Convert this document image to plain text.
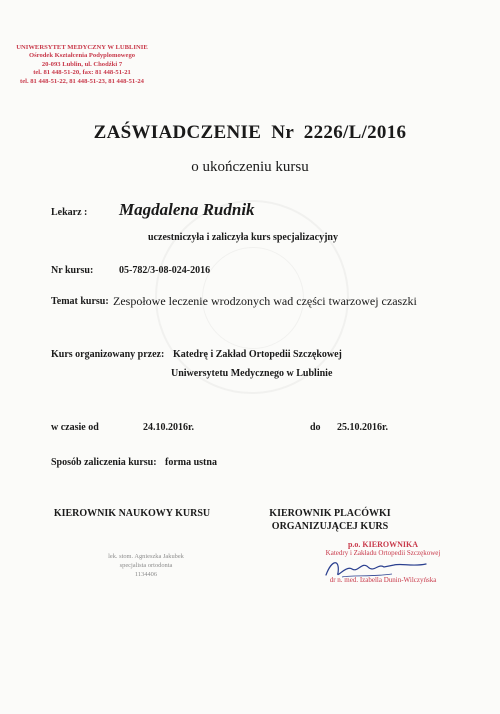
UNIWERSYTET MEDYCZNY W LUBLINIE
Ośrodek Kształcenia Podyplomowego
20-093 Lublin, ul. Chodźki 7
tel. 81 448-51-20, fax: 81 448-51-21
tel. 81 448-51-22, 81 448-51-23, 81 448-51-24
ZAŚWIADCZENIE  Nr  2226/L/2016
o ukończeniu kursu
Lekarz : Magdalena Rudnik
uczestniczyła i zaliczyła kurs specjalizacyjny
Nr kursu:	05-782/3-08-024-2016
Temat kursu: Zespołowe leczenie wrodzonych wad części twarzowej czaszki
Kurs organizowany przez: Katedrę i Zakład Ortopedii Szczękowej
Uniwersytetu Medycznego w Lublinie
w czasie od	24.10.2016r.	do 25.10.2016r.
Sposób zaliczenia kursu: forma ustna
KIEROWNIK NAUKOWY KURSU	KIEROWNIK PLACÓWKI
ORGANIZUJĄCEJ KURS
lek. stom. Agnieszka Jakubek
specjalista ortodonta
1134406
p.o. KIEROWNIKA
Katedry i Zakładu Ortopedii Szczękowej
dr n. med. Izabella Dunin-Wilczyńska
